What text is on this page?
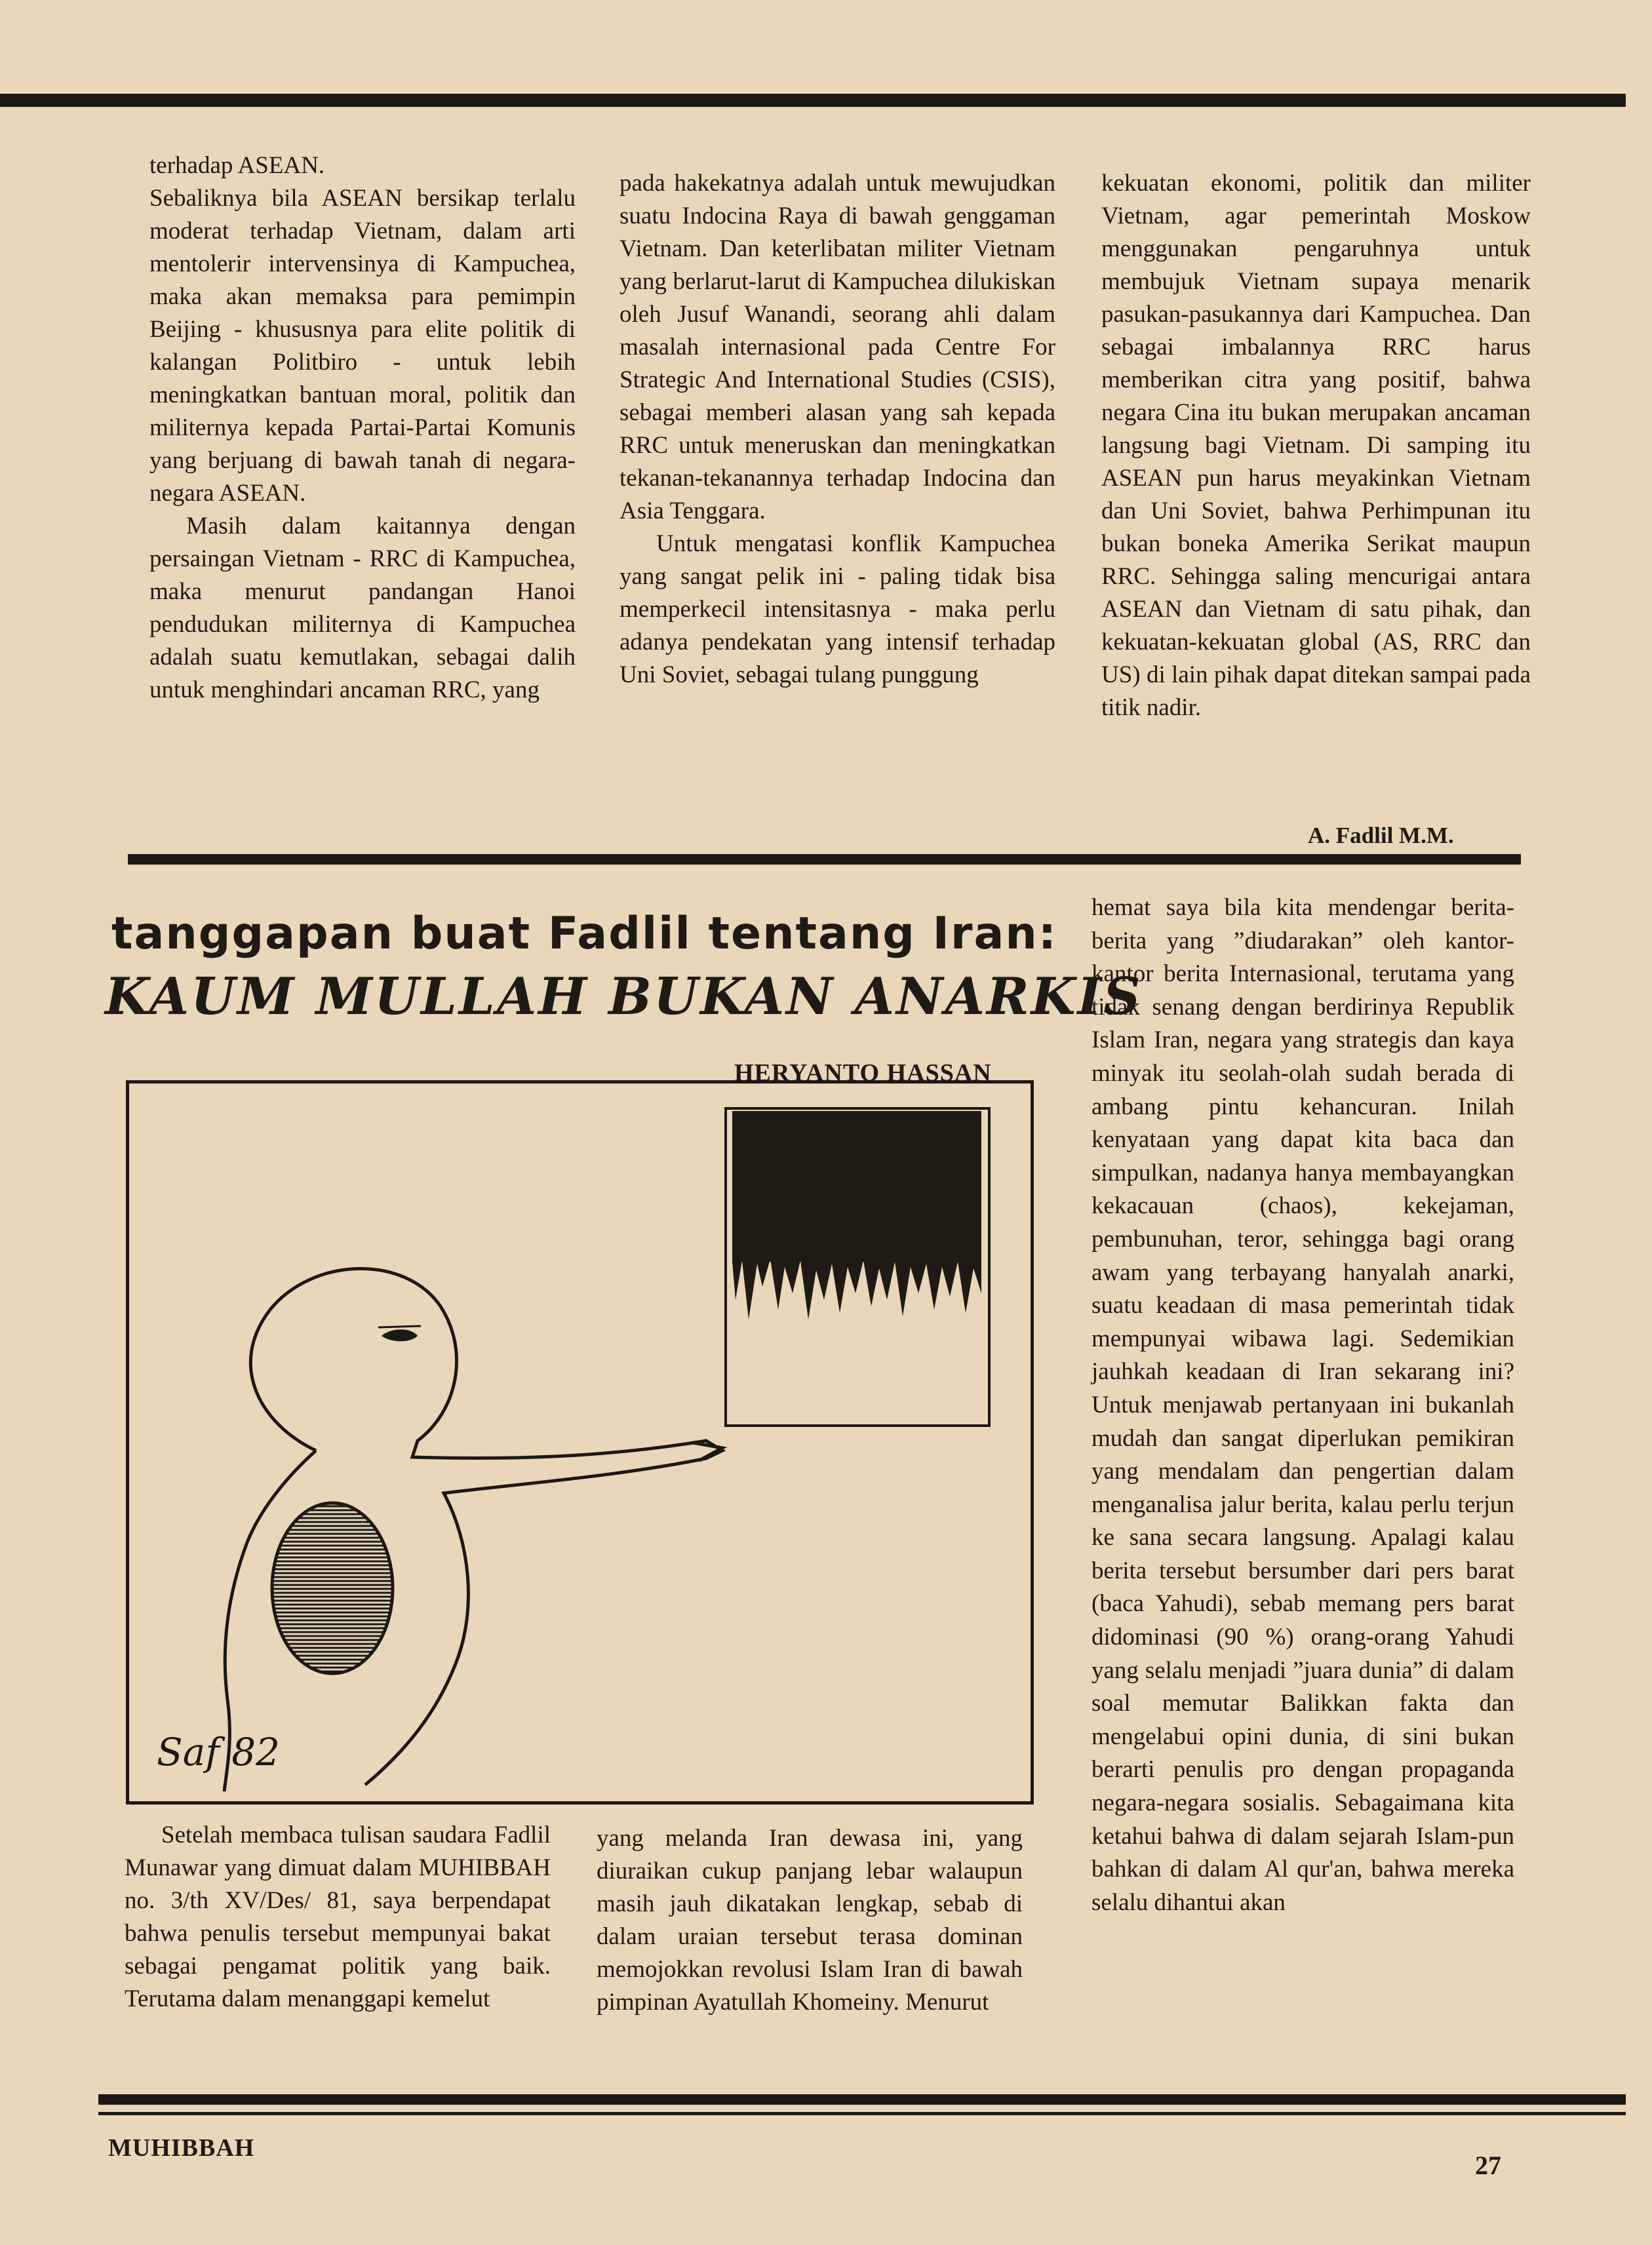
terhadap ASEAN.

Sebaliknya bila ASEAN bersikap terlalu moderat terhadap Vietnam, dalam arti mentolerir intervensinya di Kampuchea, maka akan memaksa para pemimpin Beijing - khususnya para elite politik di kalangan Politbiro - untuk lebih meningkatkan bantuan moral, politik dan militernya kepada Partai-Partai Komunis yang berjuang di bawah tanah di negara-negara ASEAN.

Masih dalam kaitannya dengan persaingan Vietnam - RRC di Kampuchea, maka menurut pandangan Hanoi pendudukan militernya di Kampuchea adalah suatu kemutlakan, sebagai dalih untuk menghindari ancaman RRC, yang

pada hakekatnya adalah untuk mewujudkan suatu Indocina Raya di bawah genggaman Vietnam. Dan keterlibatan militer Vietnam yang berlarut-larut di Kampuchea dilukiskan oleh Jusuf Wanandi, seorang ahli dalam masalah internasional pada Centre For Strategic And International Studies (CSIS), sebagai memberi alasan yang sah kepada RRC untuk meneruskan dan meningkatkan tekanan-tekanannya terhadap Indocina dan Asia Tenggara.

Untuk mengatasi konflik Kampuchea yang sangat pelik ini - paling tidak bisa memperkecil intensitasnya - maka perlu adanya pendekatan yang intensif terhadap Uni Soviet, sebagai tulang punggung

kekuatan ekonomi, politik dan militer Vietnam, agar pemerintah Moskow menggunakan pengaruhnya untuk membujuk Vietnam supaya menarik pasukan-pasukannya dari Kampuchea. Dan sebagai imbalannya RRC harus memberikan citra yang positif, bahwa negara Cina itu bukan merupakan ancaman langsung bagi Vietnam. Di samping itu ASEAN pun harus meyakinkan Vietnam dan Uni Soviet, bahwa Perhimpunan itu bukan boneka Amerika Serikat maupun RRC. Sehingga saling mencurigai antara ASEAN dan Vietnam di satu pihak, dan kekuatan-kekuatan global (AS, RRC dan US) di lain pihak dapat ditekan sampai pada titik nadir.

A. Fadlil M.M.
tanggapan buat Fadlil tentang Iran:
KAUM MULLAH BUKAN ANARKIS
HERYANTO HASSAN
Saf 82

Setelah membaca tulisan saudara Fadlil Munawar yang dimuat dalam MUHIBBAH no. 3/th XV/Des/ 81, saya berpendapat bahwa penulis tersebut mempunyai bakat sebagai pengamat politik yang baik. Terutama dalam menanggapi kemelut

yang melanda Iran dewasa ini, yang diuraikan cukup panjang lebar walaupun masih jauh dikatakan lengkap, sebab di dalam uraian tersebut terasa dominan memojokkan revolusi Islam Iran di bawah pimpinan Ayatullah Khomeiny. Menurut

hemat saya bila kita mendengar berita-berita yang ”diudarakan” oleh kantor-kantor berita Internasional, terutama yang tidak senang dengan berdirinya Republik Islam Iran, negara yang strategis dan kaya minyak itu seolah-olah sudah berada di ambang pintu kehancuran. Inilah kenyataan yang dapat kita baca dan simpulkan, nadanya hanya membayangkan kekacauan (chaos), kekejaman, pembunuhan, teror, sehingga bagi orang awam yang terbayang hanyalah anarki, suatu keadaan di masa pemerintah tidak mempunyai wibawa lagi. Sedemikian jauhkah keadaan di Iran sekarang ini? Untuk menjawab pertanyaan ini bukanlah mudah dan sangat diperlukan pemikiran yang mendalam dan pengertian dalam menganalisa jalur berita, kalau perlu terjun ke sana secara langsung. Apalagi kalau berita tersebut bersumber dari pers barat (baca Yahudi), sebab memang pers barat didominasi (90 %) orang-orang Yahudi yang selalu menjadi ”juara dunia” di dalam soal memutar Balikkan fakta dan mengelabui opini dunia, di sini bukan berarti penulis pro dengan propaganda negara-negara sosialis. Sebagaimana kita ketahui bahwa di dalam sejarah Islam-pun bahkan di dalam Al qur'an, bahwa mereka selalu dihantui akan

MUHIBBAH
27
